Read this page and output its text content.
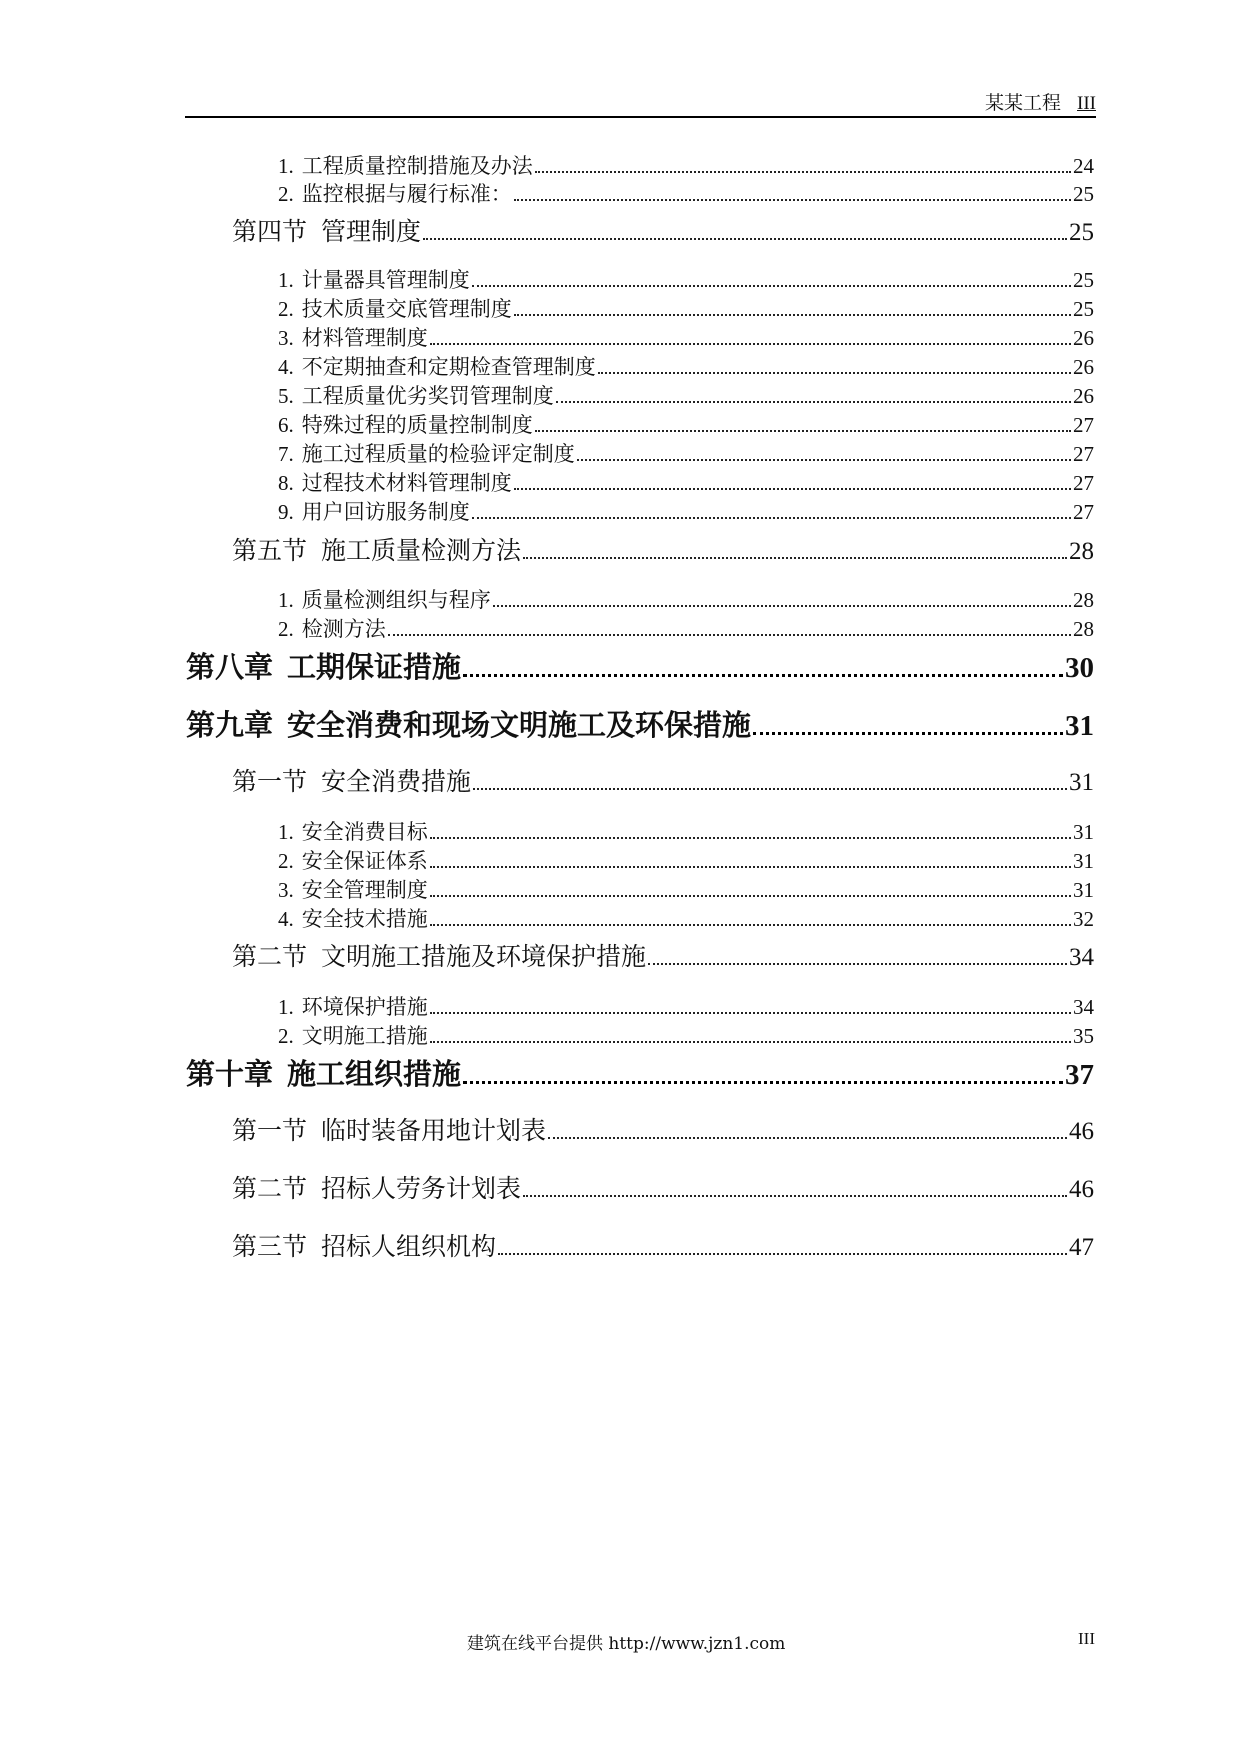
某某工程 III
1. 工程质量控制措施及办法	24
2. 监控根据与履行标准：	25
第四节 管理制度	25
1. 计量器具管理制度	25
2. 技术质量交底管理制度	25
3. 材料管理制度	26
4. 不定期抽查和定期检查管理制度	26
5. 工程质量优劣奖罚管理制度	26
6. 特殊过程的质量控制制度	27
7. 施工过程质量的检验评定制度	27
8. 过程技术材料管理制度	27
9. 用户回访服务制度	27
第五节 施工质量检测方法	28
1. 质量检测组织与程序	28
2. 检测方法	28
第八章 工期保证措施	30
第九章 安全消费和现场文明施工及环保措施	31
第一节 安全消费措施	31
1. 安全消费目标	31
2. 安全保证体系	31
3. 安全管理制度	31
4. 安全技术措施	32
第二节 文明施工措施及环境保护措施	34
1. 环境保护措施	34
2. 文明施工措施	35
第十章 施工组织措施	37
第一节 临时装备用地计划表	46
第二节 招标人劳务计划表	46
第三节 招标人组织机构	47
建筑在线平台提供 http://www.jzn1.com	III
